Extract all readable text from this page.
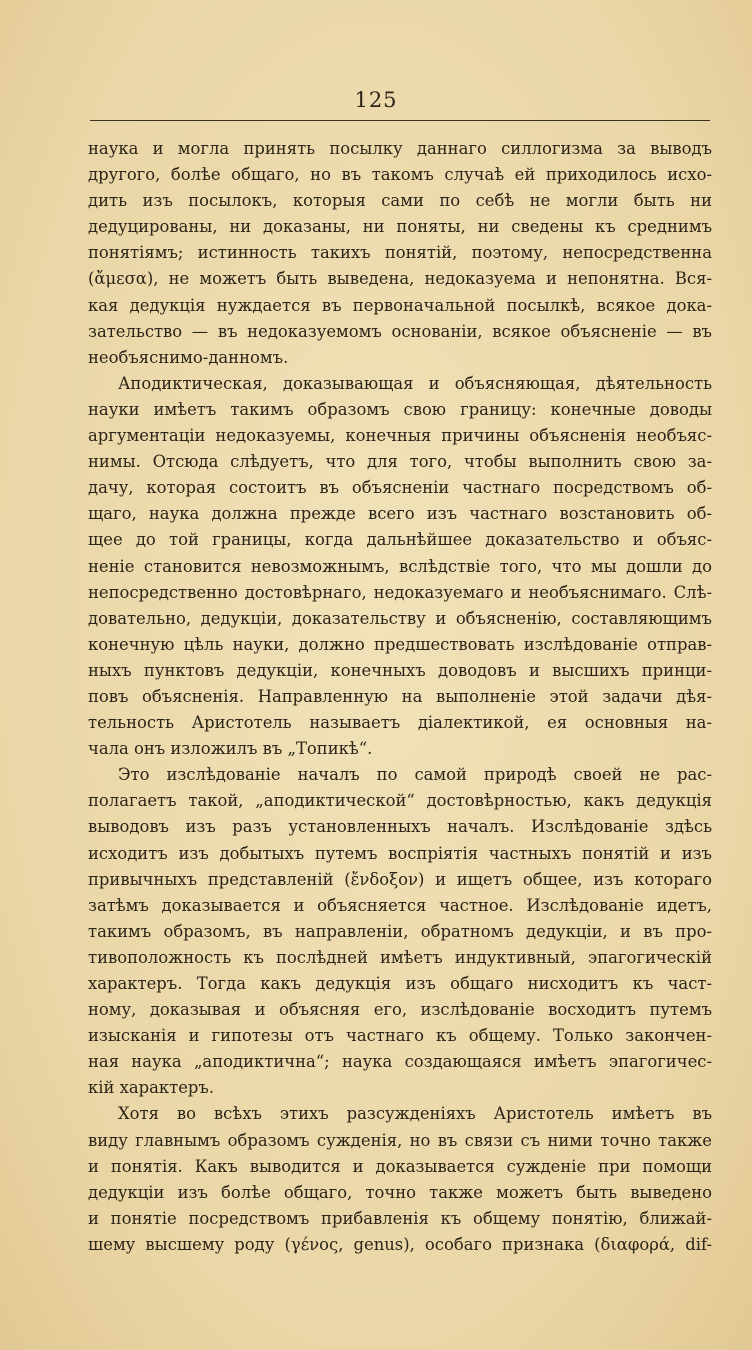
125
наука и могла принять посылку даннаго силлогизма за выводъ
другого, болѣе общаго, но въ такомъ случаѣ ей приходилось исхо-
дить изъ посылокъ, которыя сами по себѣ не могли быть ни
дедуцированы, ни доказаны, ни поняты, ни сведены къ среднимъ
понятіямъ; истинность такихъ понятій, поэтому, непосредственна
(ἄμεσα), не можетъ быть выведена, недоказуема и непонятна. Вся-
кая дедукція нуждается въ первоначальной посылкѣ, всякое дока-
зательство — въ недоказуемомъ основаніи, всякое объясненіе — въ
необъяснимо-данномъ.
Аподиктическая, доказывающая и объясняющая, дѣятельность
науки имѣетъ такимъ образомъ свою границу: конечные доводы
аргументаціи недоказуемы, конечныя причины объясненія необъяс-
нимы. Отсюда слѣдуетъ, что для того, чтобы выполнить свою за-
дачу, которая состоитъ въ объясненіи частнаго посредствомъ об-
щаго, наука должна прежде всего изъ частнаго возстановить об-
щее до той границы, когда дальнѣйшее доказательство и объяс-
неніе становится невозможнымъ, вслѣдствіе того, что мы дошли до
непосредственно достовѣрнаго, недоказуемаго и необъяснимаго. Слѣ-
довательно, дедукціи, доказательству и объясненію, составляющимъ
конечную цѣль науки, должно предшествовать изслѣдованіе отправ-
ныхъ пунктовъ дедукціи, конечныхъ доводовъ и высшихъ принци-
повъ объясненія. Направленную на выполненіе этой задачи дѣя-
тельность Аристотель называетъ діалектикой, ея основныя на-
чала онъ изложилъ въ „Топикѣ“.
Это изслѣдованіе началъ по самой природѣ своей не рас-
полагаетъ такой, „аподиктической“ достовѣрностью, какъ дедукція
выводовъ изъ разъ установленныхъ началъ. Изслѣдованіе здѣсь
исходитъ изъ добытыхъ путемъ воспріятія частныхъ понятій и изъ
привычныхъ представленій (ἔνδοξον) и ищетъ общее, изъ котораго
затѣмъ доказывается и объясняется частное. Изслѣдованіе идетъ,
такимъ образомъ, въ направленіи, обратномъ дедукціи, и въ про-
тивоположность къ послѣдней имѣетъ индуктивный, эпагогическій
характеръ. Тогда какъ дедукція изъ общаго нисходитъ къ част-
ному, доказывая и объясняя его, изслѣдованіе восходитъ путемъ
изысканія и гипотезы отъ частнаго къ общему. Только закончен-
ная наука „аподиктична“; наука создающаяся имѣетъ эпагогичес-
кій характеръ.
Хотя во всѣхъ этихъ разсужденіяхъ Аристотель имѣетъ въ
виду главнымъ образомъ сужденія, но въ связи съ ними точно также
и понятія. Какъ выводится и доказывается сужденіе при помощи
дедукціи изъ болѣе общаго, точно также можетъ быть выведено
и понятіе посредствомъ прибавленія къ общему понятію, ближай-
шему высшему роду (γένος, genus), особаго признака (διαφορά, dif-
